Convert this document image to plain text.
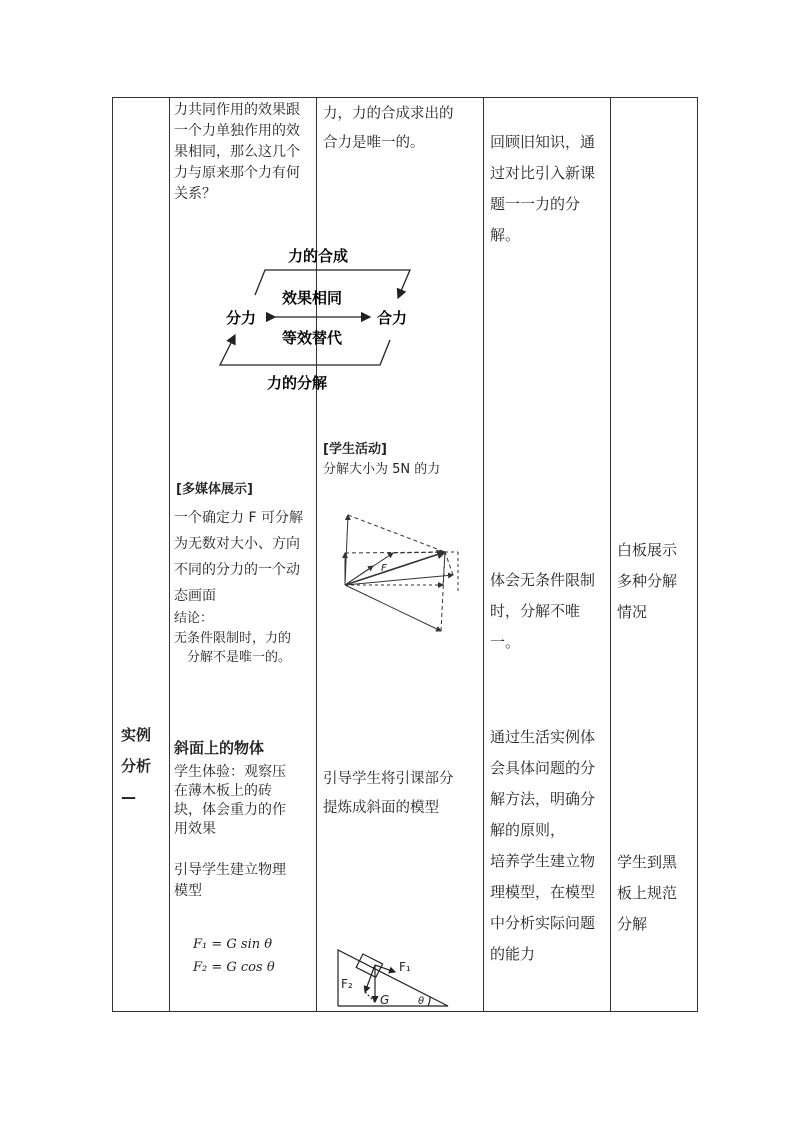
实例
分析
—
力共同作用的效果跟
一个力单独作用的效
果相同，那么这几个
力与原来那个力有何
关系？
力的合成
力的分解
分力	合力
效果相同
等效替代
[多媒体展示]
一个确定力 F 可分解
为无数对大小、方向
不同的分力的一个动
态画面
结论：
无条件限制时，力的
　分解不是唯一的。
斜面上的物体
学生体验：观察压
在薄木板上的砖
块，体会重力的作
用效果
引导学生建立物理
模型
F₁ = G sin θ
F₂ = G cos θ
力，力的合成求出的
合力是唯一的。
[学生活动]
分解大小为 5N 的力
F
引导学生将引课部分
提炼成斜面的模型
F₁
F₂
G	θ
回顾旧知识，通
过对比引入新课
题一一力的分
解。
体会无条件限制
时，分解不唯
一。
通过生活实例体
会具体问题的分
解方法，明确分
解的原则，
培养学生建立物
理模型，在模型
中分析实际问题
的能力
白板展示
多种分解
情况
学生到黑
板上规范
分解
